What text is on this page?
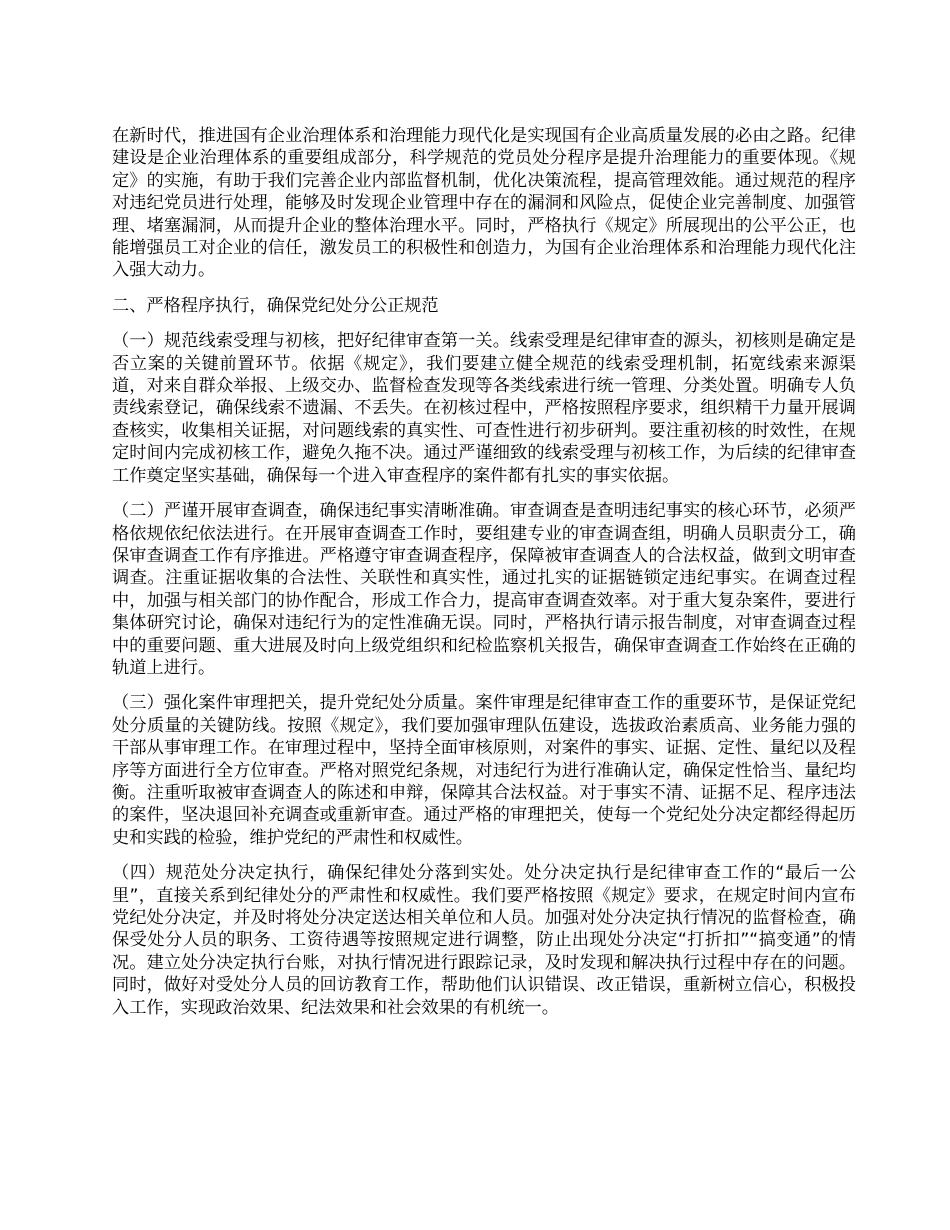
在新时代，推进国有企业治理体系和治理能力现代化是实现国有企业高质量发展的必由之路。纪律建设是企业治理体系的重要组成部分，科学规范的党员处分程序是提升治理能力的重要体现。《规定》的实施，有助于我们完善企业内部监督机制，优化决策流程，提高管理效能。通过规范的程序对违纪党员进行处理，能够及时发现企业管理中存在的漏洞和风险点，促使企业完善制度、加强管理、堵塞漏洞，从而提升企业的整体治理水平。同时，严格执行《规定》所展现出的公平公正，也能增强员工对企业的信任，激发员工的积极性和创造力，为国有企业治理体系和治理能力现代化注入强大动力。

二、严格程序执行，确保党纪处分公正规范

（一）规范线索受理与初核，把好纪律审查第一关。线索受理是纪律审查的源头，初核则是确定是否立案的关键前置环节。依据《规定》，我们要建立健全规范的线索受理机制，拓宽线索来源渠道，对来自群众举报、上级交办、监督检查发现等各类线索进行统一管理、分类处置。明确专人负责线索登记，确保线索不遗漏、不丢失。在初核过程中，严格按照程序要求，组织精干力量开展调查核实，收集相关证据，对问题线索的真实性、可查性进行初步研判。要注重初核的时效性，在规定时间内完成初核工作，避免久拖不决。通过严谨细致的线索受理与初核工作，为后续的纪律审查工作奠定坚实基础，确保每一个进入审查程序的案件都有扎实的事实依据。

（二）严谨开展审查调查，确保违纪事实清晰准确。审查调查是查明违纪事实的核心环节，必须严格依规依纪依法进行。在开展审查调查工作时，要组建专业的审查调查组，明确人员职责分工，确保审查调查工作有序推进。严格遵守审查调查程序，保障被审查调查人的合法权益，做到文明审查调查。注重证据收集的合法性、关联性和真实性，通过扎实的证据链锁定违纪事实。在调查过程中，加强与相关部门的协作配合，形成工作合力，提高审查调查效率。对于重大复杂案件，要进行集体研究讨论，确保对违纪行为的定性准确无误。同时，严格执行请示报告制度，对审查调查过程中的重要问题、重大进展及时向上级党组织和纪检监察机关报告，确保审查调查工作始终在正确的轨道上进行。

（三）强化案件审理把关，提升党纪处分质量。案件审理是纪律审查工作的重要环节，是保证党纪处分质量的关键防线。按照《规定》，我们要加强审理队伍建设，选拔政治素质高、业务能力强的干部从事审理工作。在审理过程中，坚持全面审核原则，对案件的事实、证据、定性、量纪以及程序等方面进行全方位审查。严格对照党纪条规，对违纪行为进行准确认定，确保定性恰当、量纪均衡。注重听取被审查调查人的陈述和申辩，保障其合法权益。对于事实不清、证据不足、程序违法的案件，坚决退回补充调查或重新审查。通过严格的审理把关，使每一个党纪处分决定都经得起历史和实践的检验，维护党纪的严肃性和权威性。

（四）规范处分决定执行，确保纪律处分落到实处。处分决定执行是纪律审查工作的“最后一公里”，直接关系到纪律处分的严肃性和权威性。我们要严格按照《规定》要求，在规定时间内宣布党纪处分决定，并及时将处分决定送达相关单位和人员。加强对处分决定执行情况的监督检查，确保受处分人员的职务、工资待遇等按照规定进行调整，防止出现处分决定“打折扣”“搞变通”的情况。建立处分决定执行台账，对执行情况进行跟踪记录，及时发现和解决执行过程中存在的问题。同时，做好对受处分人员的回访教育工作，帮助他们认识错误、改正错误，重新树立信心，积极投入工作，实现政治效果、纪法效果和社会效果的有机统一。
